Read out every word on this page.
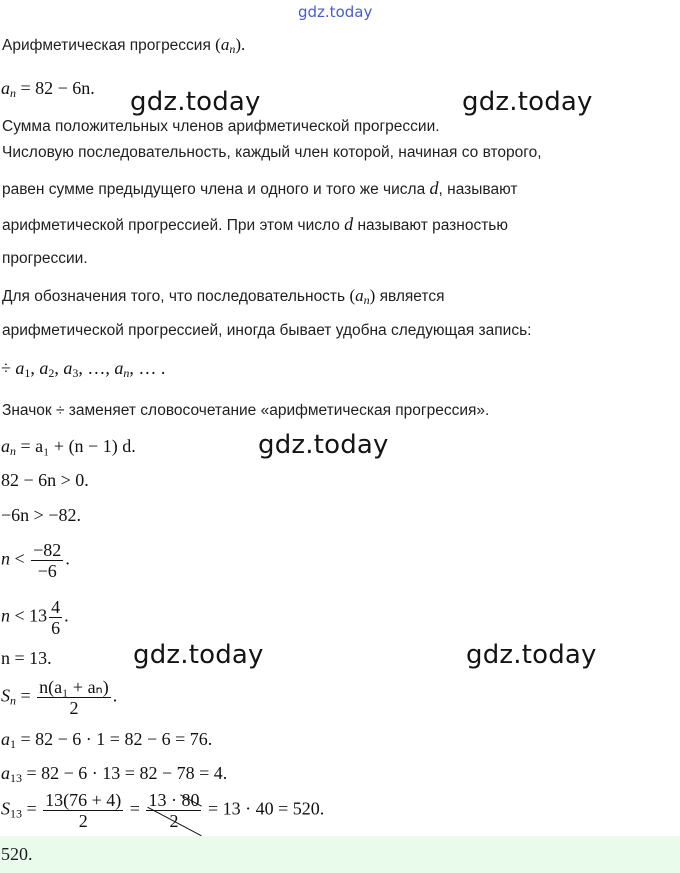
gdz.today
Арифметическая прогрессия $(a_n)$.
$a_n = 82 - 6n$. gdz.today	gdz.today
Сумма положительных членов арифметической прогрессии.
Числовую последовательность, каждый член которой, начиная со второго,
равен сумме предыдущего члена и одного и того же числа d, называют
арифметической прогрессией. При этом число d называют разностью
прогрессии.
Для обозначения того, что последовательность $(a_n)$ является
арифметической прогрессией, иногда бывает удобна следующая запись:
÷ $a_1$, $a_2$, $a_3$, …, $a_n$, … .
Значок ÷ заменяет словосочетание «арифметическая прогрессия».
$a_n = a_1 + (n - 1)$ d.	gdz.today
82 − 6n > 0.
−6n > −82.
$n < \frac{-82}{-6}$ .
$n < 13 \frac{4}{6}$ .
n = 13.	gdz.today	gdz.today
$S_n = \frac{\text{n(a₁ + aₙ)}}{2}$ .
$a_1 = 82 - 6 \cdot 1 = 82 - 6 = 76$.
$a_{13} = 82 - 6 \cdot 13 = 82 - 78 = 4$.
$S_{13} = \frac{13(76 + 4)}{2} = \frac{13 \cdot 80}{2} = 13 \cdot 40 = 520$.
520.
